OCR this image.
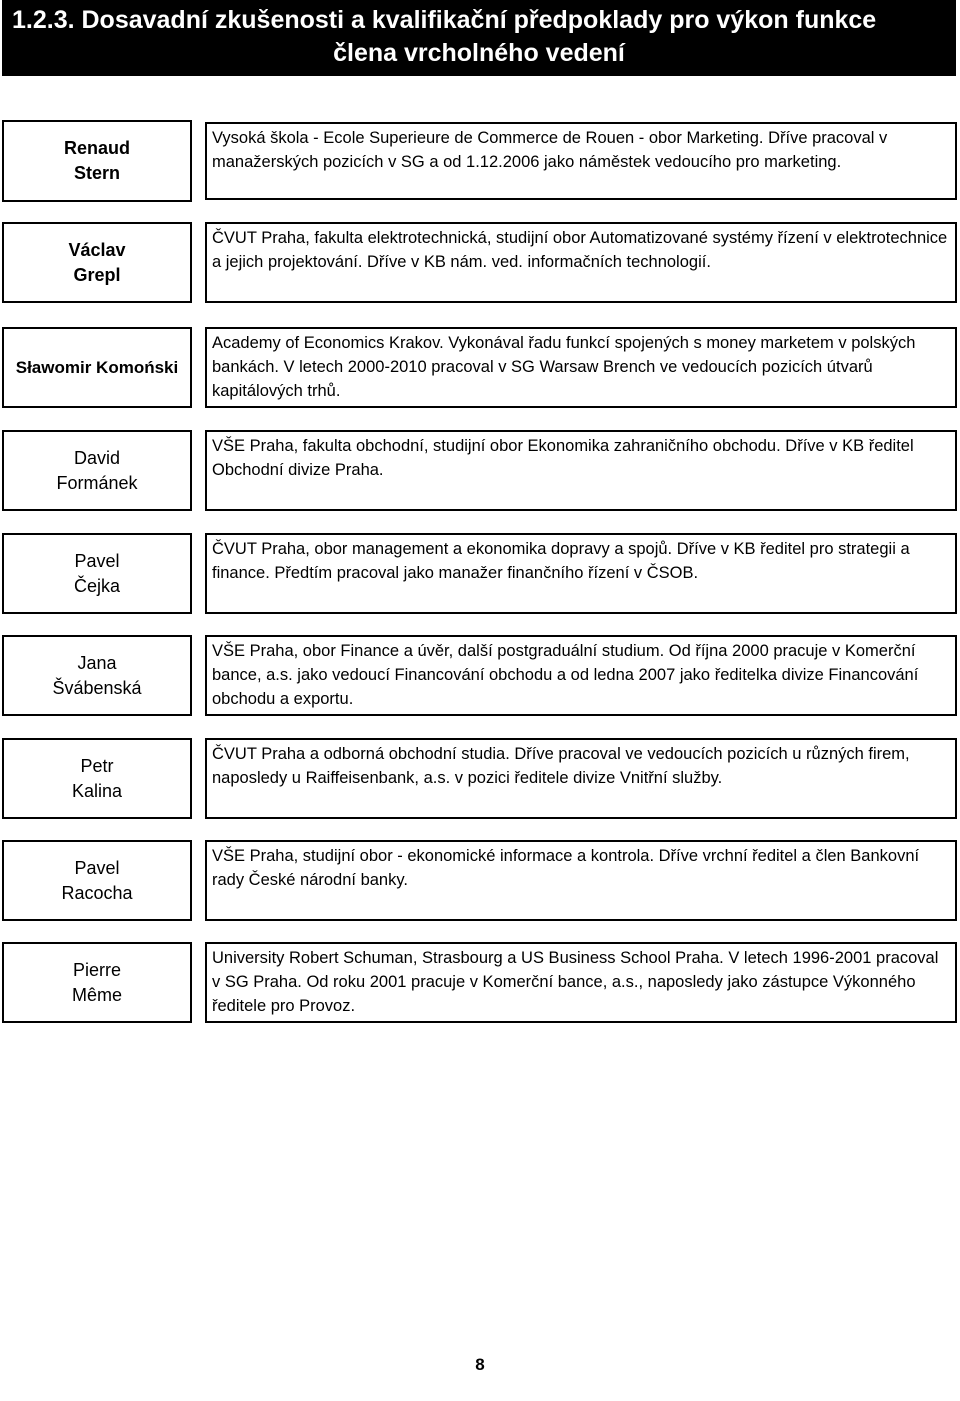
1.2.3. Dosavadní zkušenosti a kvalifikační předpoklady pro výkon funkce
člena vrcholného vedení
Renaud
Stern
Vysoká škola - Ecole Superieure de Commerce de Rouen - obor Marketing. Dříve pracoval v manažerských pozicích v SG a od 1.12.2006 jako náměstek vedoucího pro marketing.
Václav
Grepl
ČVUT Praha, fakulta elektrotechnická, studijní obor Automatizované systémy řízení v elektrotechnice a jejich projektování. Dříve v KB nám. ved. informačních technologií.
Sławomir Komoński
Academy of Economics Krakov. Vykonával řadu funkcí spojených s money marketem v polských bankách. V letech 2000-2010 pracoval v SG Warsaw Brench ve vedoucích pozicích útvarů kapitálových trhů.
David
Formánek
VŠE Praha, fakulta obchodní, studijní obor Ekonomika zahraničního obchodu. Dříve v KB ředitel Obchodní divize Praha.
Pavel
Čejka
ČVUT Praha, obor management a ekonomika dopravy a spojů. Dříve v KB ředitel pro strategii a finance. Předtím pracoval jako manažer finančního řízení v ČSOB.
Jana
Švábenská
VŠE Praha, obor Finance a úvěr, další postgraduální studium. Od října 2000 pracuje v Komerční bance, a.s. jako vedoucí Financování obchodu a od ledna 2007 jako ředitelka divize Financování obchodu a exportu.
Petr
Kalina
ČVUT Praha a odborná obchodní studia. Dříve pracoval ve vedoucích pozicích u různých firem, naposledy u Raiffeisenbank, a.s. v pozici ředitele divize Vnitřní služby.
Pavel
Racocha
VŠE Praha, studijní obor - ekonomické informace a kontrola. Dříve vrchní ředitel a člen Bankovní rady České národní banky.
Pierre
Mêmе
University Robert Schuman, Strasbourg a US Business School Praha. V letech 1996-2001 pracoval v SG Praha. Od roku 2001 pracuje v Komerční bance, a.s., naposledy jako zástupce Výkonného ředitele pro Provoz.
8
